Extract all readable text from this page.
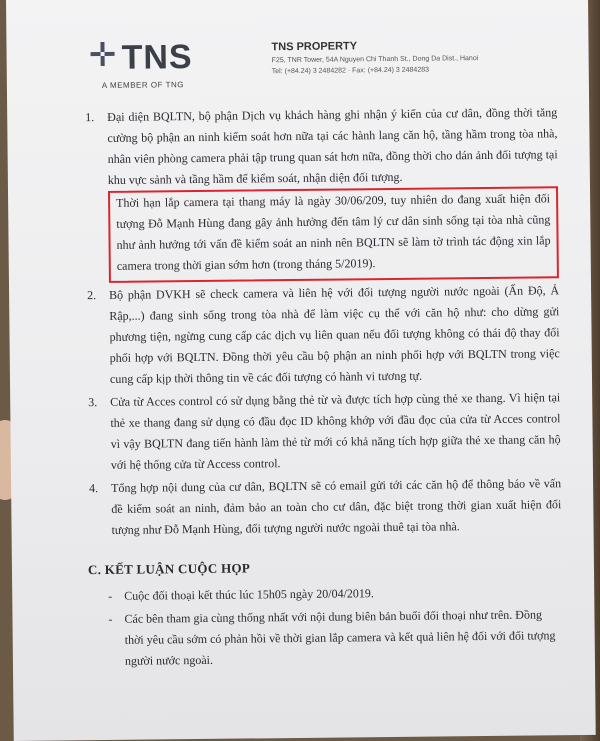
TNS
A MEMBER OF TNG
TNS PROPERTY
F25, TNR Tower, 54A Nguyen Chi Thanh St., Dong Da Dist., Hanoi
Tel: (+84.24) 3 2484282 · Fax: (+84.24) 3 2484283
1. Đại diện BQLTN, bộ phận Dịch vụ khách hàng ghi nhận ý kiến của cư dân, đồng thời tăng cường bộ phận an ninh kiểm soát hơn nữa tại các hành lang căn hộ, tầng hầm trong tòa nhà, nhân viên phòng camera phải tập trung quan sát hơn nữa, đồng thời cho dán ảnh đối tượng tại khu vực sảnh và tầng hầm để kiểm soát, nhận diện đối tượng.

Thời hạn lắp camera tại thang máy là ngày 30/06/209, tuy nhiên do đang xuất hiện đối tượng Đỗ Mạnh Hùng đang gây ảnh hưởng đến tâm lý cư dân sinh sống tại tòa nhà cũng như ảnh hưởng tới vấn đề kiểm soát an ninh nên BQLTN sẽ làm tờ trình tác động xin lắp camera trong thời gian sớm hơn (trong tháng 5/2019).

2. Bộ phận DVKH sẽ check camera và liên hệ với đối tượng người nước ngoài (Ấn Độ, Ả Rập,...) đang sinh sống trong tòa nhà để làm việc cụ thể với căn hộ như: cho dừng gửi phương tiện, ngừng cung cấp các dịch vụ liên quan nếu đối tượng không có thái độ thay đổi phối hợp với BQLTN. Đồng thời yêu cầu bộ phận an ninh phối hợp với BQLTN trong việc cung cấp kịp thời thông tin về các đối tượng có hành vi tương tự.

3. Cửa từ Acces control có sử dụng bằng thẻ từ và được tích hợp cùng thẻ xe thang. Vì hiện tại thẻ xe thang đang sử dụng có đầu đọc ID không khớp với đầu đọc của cửa từ Acces control vì vậy BQLTN đang tiến hành làm thẻ từ mới có khả năng tích hợp giữa thẻ xe thang căn hộ với hệ thống cửa từ Access control.

4. Tổng hợp nội dung của cư dân, BQLTN sẽ có email gửi tới các căn hộ để thông báo về vấn đề kiểm soát an ninh, đảm bảo an toàn cho cư dân, đặc biệt trong thời gian xuất hiện đối tượng như Đỗ Mạnh Hùng, đối tượng người nước ngoài thuê tại tòa nhà.

C. KẾT LUẬN CUỘC HỌP
- Cuộc đối thoại kết thúc lúc 15h05 ngày 20/04/2019.
- Các bên tham gia cùng thống nhất với nội dung biên bản buổi đối thoại như trên. Đồng thời yêu cầu sớm có phản hồi về thời gian lắp camera và kết quả liên hệ đối với đối tượng người nước ngoài.
